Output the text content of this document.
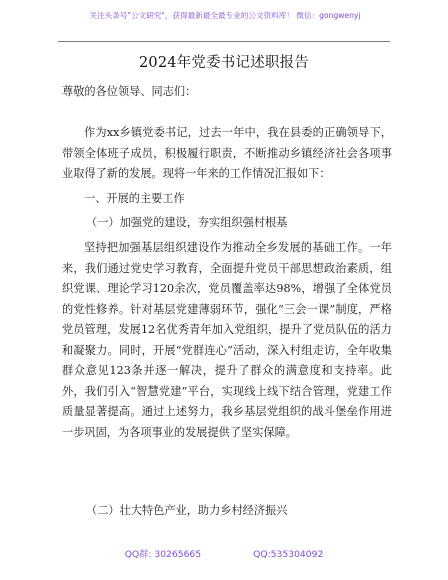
关注头条号"公文研究"，获得最新最全最专业的公文资料库！ 微信：gongwenyj
2024年党委书记述职报告
尊敬的各位领导、同志们：
作为xx乡镇党委书记，过去一年中，我在县委的正确领导下，带领全体班子成员，积极履行职责，不断推动乡镇经济社会各项事业取得了新的发展。现将一年来的工作情况汇报如下：
一、开展的主要工作
（一）加强党的建设，夯实组织强村根基
坚持把加强基层组织建设作为推动全乡发展的基础工作。一年来，我们通过党史学习教育，全面提升党员干部思想政治素质，组织党课、理论学习120余次，党员覆盖率达98%，增强了全体党员的党性修养。针对基层党建薄弱环节，强化“三会一课”制度，严格党员管理，发展12名优秀青年加入党组织，提升了党员队伍的活力和凝聚力。同时，开展“党群连心”活动，深入村组走访，全年收集群众意见123条并逐一解决，提升了群众的满意度和支持率。此外，我们引入“智慧党建”平台，实现线上线下结合管理，党建工作质量显著提高。通过上述努力，我乡基层党组织的战斗堡垒作用进一步巩固，为各项事业的发展提供了坚实保障。
（二）壮大特色产业，助力乡村经济振兴
QQ群: 30265665	QQ:535304092
